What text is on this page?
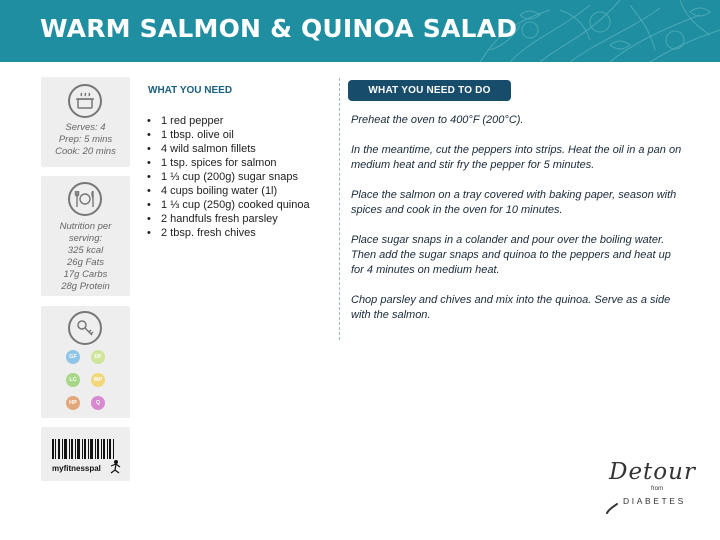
WARM SALMON & QUINOA SALAD
Serves: 4
Prep: 5 mins
Cook: 20 mins
Nutrition per
serving:
325 kcal
26g Fats
17g Carbs
28g Protein
GF	DF
LC	MP
HP	Q
myfitnesspal
WHAT YOU NEED
• 1 red pepper
• 1 tbsp. olive oil
• 4 wild salmon fillets
• 1 tsp. spices for salmon
• 1 ⅓ cup (200g) sugar snaps
• 4 cups boiling water (1l)
• 1 ⅓ cup (250g) cooked quinoa
• 2 handfuls fresh parsley
• 2 tbsp. fresh chives
WHAT YOU NEED TO DO

Preheat the oven to 400°F (200°C).

In the meantime, cut the peppers into strips. Heat the oil in a pan on medium heat and stir fry the pepper for 5 minutes.

Place the salmon on a tray covered with baking paper, season with spices and cook in the oven for 10 minutes.

Place sugar snaps in a colander and pour over the boiling water. Then add the sugar snaps and quinoa to the peppers and heat up for 4 minutes on medium heat.

Chop parsley and chives and mix into the quinoa. Serve as a side with the salmon.

Detour
from
DIABETES
